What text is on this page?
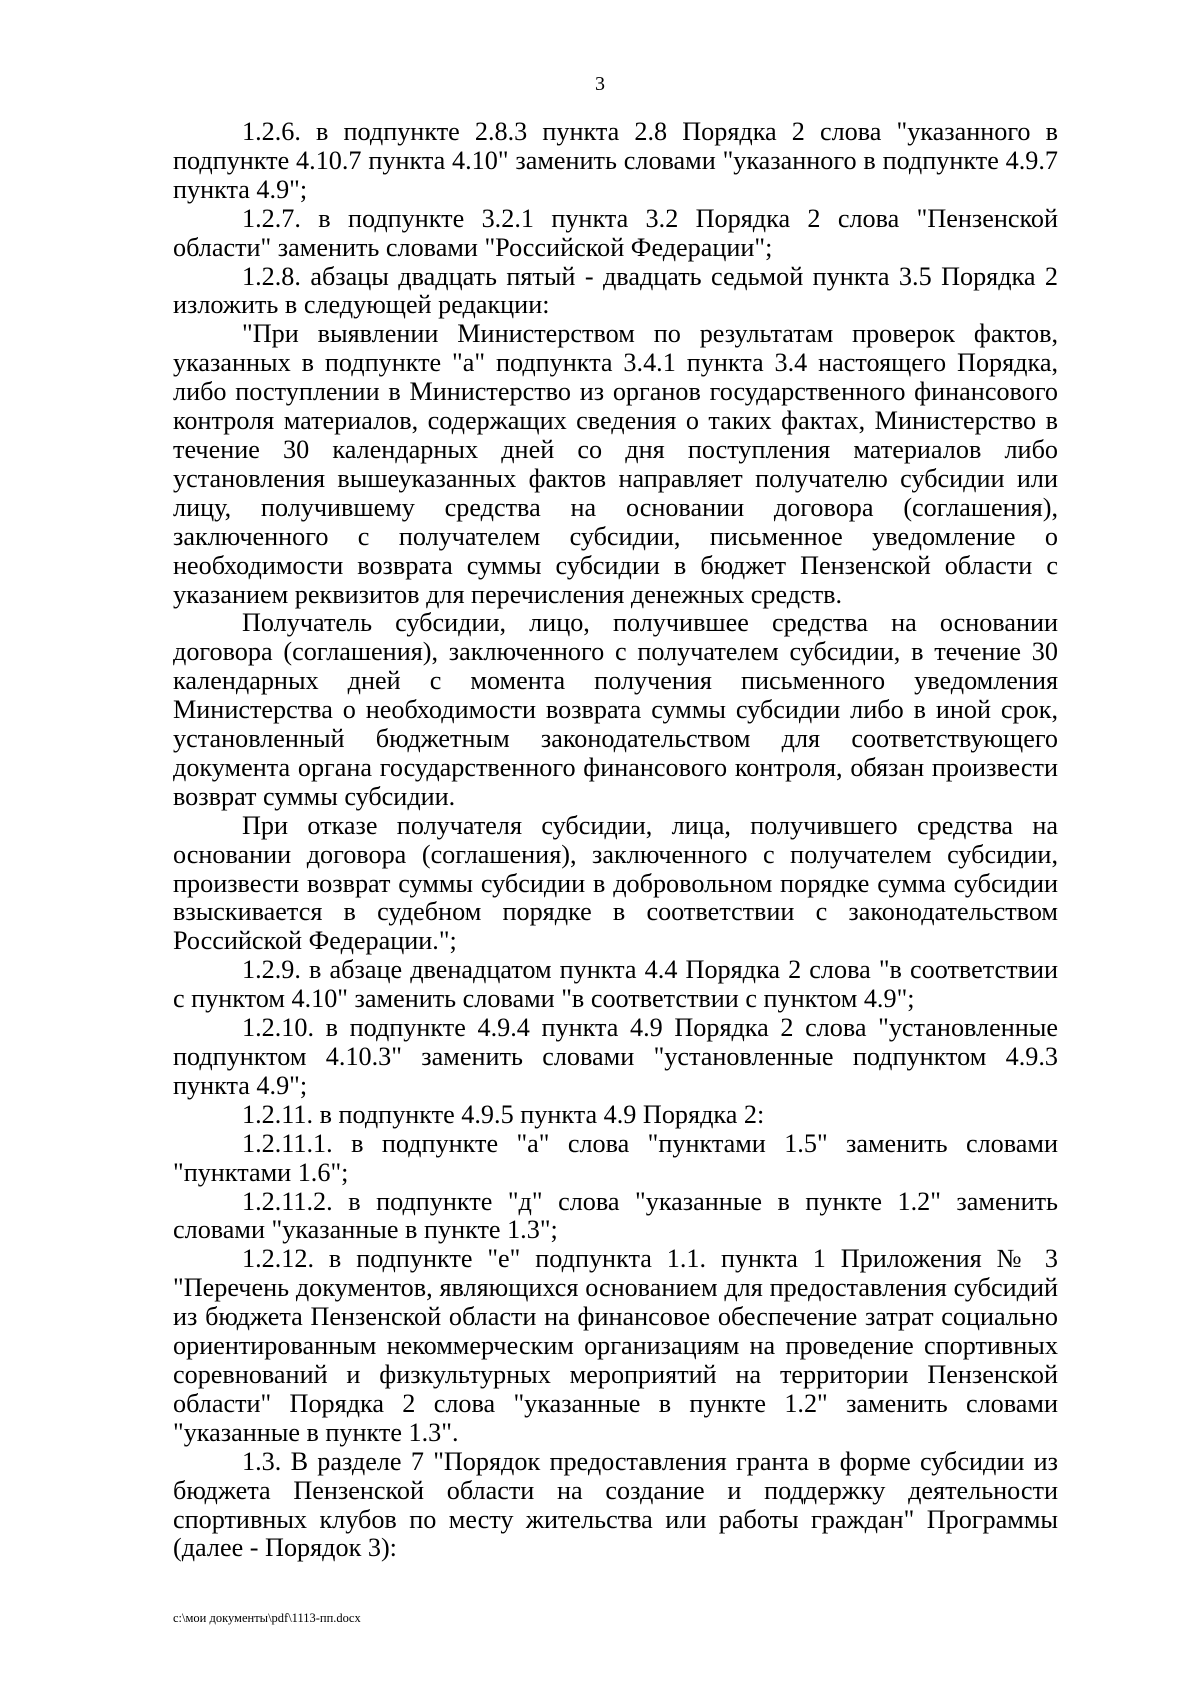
3

1.2.6. в подпункте 2.8.3 пункта 2.8 Порядка 2 слова "указанного в подпункте 4.10.7 пункта 4.10" заменить словами "указанного в подпункте 4.9.7 пункта 4.9";

1.2.7. в подпункте 3.2.1 пункта 3.2 Порядка 2 слова "Пензенской области" заменить словами "Российской Федерации";

1.2.8. абзацы двадцать пятый - двадцать седьмой пункта 3.5 Порядка 2 изложить в следующей редакции:

"При выявлении Министерством по результатам проверок фактов, указанных в подпункте "а" подпункта 3.4.1 пункта 3.4 настоящего Порядка, либо поступлении в Министерство из органов государственного финансового контроля материалов, содержащих сведения о таких фактах, Министерство в течение 30 календарных дней со дня поступления материалов либо установления вышеуказанных фактов направляет получателю субсидии или лицу, получившему средства на основании договора (соглашения), заключенного с получателем субсидии, письменное уведомление о необходимости возврата суммы субсидии в бюджет Пензенской области с указанием реквизитов для перечисления денежных средств.

Получатель субсидии, лицо, получившее средства на основании договора (соглашения), заключенного с получателем субсидии, в течение 30 календарных дней с момента получения письменного уведомления Министерства о необходимости возврата суммы субсидии либо в иной срок, установленный бюджетным законодательством для соответствующего документа органа государственного финансового контроля, обязан произвести возврат суммы субсидии.

При отказе получателя субсидии, лица, получившего средства на основании договора (соглашения), заключенного с получателем субсидии, произвести возврат суммы субсидии в добровольном порядке сумма субсидии взыскивается в судебном порядке в соответствии с законодательством Российской Федерации.";

1.2.9. в абзаце двенадцатом пункта 4.4 Порядка 2 слова "в соответствии с пунктом 4.10" заменить словами "в соответствии с пунктом 4.9";

1.2.10. в подпункте 4.9.4 пункта 4.9 Порядка 2 слова "установленные подпунктом 4.10.3" заменить словами "установленные подпунктом 4.9.3 пункта 4.9";

1.2.11. в подпункте 4.9.5 пункта 4.9 Порядка 2:

1.2.11.1. в подпункте "а" слова "пунктами 1.5" заменить словами "пунктами 1.6";

1.2.11.2. в подпункте "д" слова "указанные в пункте 1.2" заменить словами "указанные в пункте 1.3";

1.2.12. в подпункте "е" подпункта 1.1. пункта 1 Приложения № 3 "Перечень документов, являющихся основанием для предоставления субсидий из бюджета Пензенской области на финансовое обеспечение затрат социально ориентированным некоммерческим организациям на проведение спортивных соревнований и физкультурных мероприятий на территории Пензенской области" Порядка 2 слова "указанные в пункте 1.2" заменить словами "указанные в пункте 1.3".

1.3. В разделе 7 "Порядок предоставления гранта в форме субсидии из бюджета Пензенской области на создание и поддержку деятельности спортивных клубов по месту жительства или работы граждан" Программы (далее - Порядок 3):

c:\мои документы\pdf\1113-пп.docx
